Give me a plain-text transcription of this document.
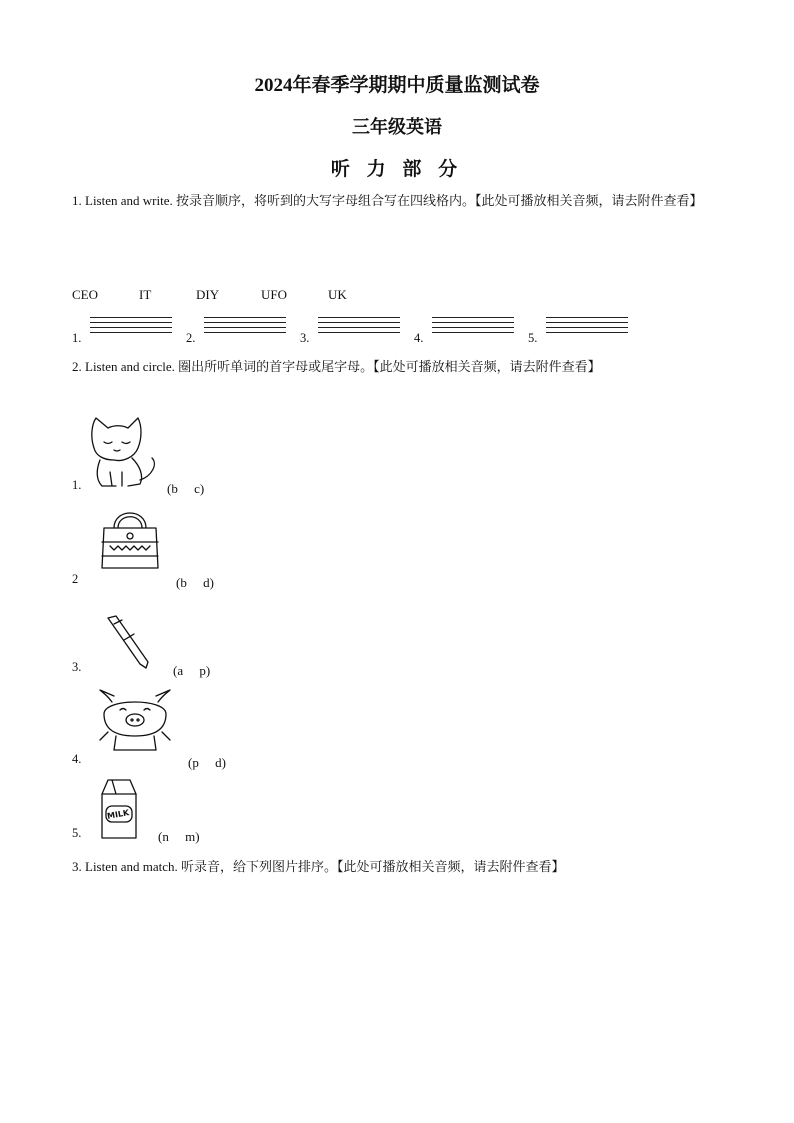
2024年春季学期期中质量监测试卷
三年级英语
听 力 部 分
1. Listen and write. 按录音顺序，将听到的大写字母组合写在四线格内。【此处可播放相关音频，请去附件查看】
CEO	IT	DIY	UFO	UK
1.	2.	3.	4.	5.
2. Listen and circle. 圈出所听单词的首字母或尾字母。【此处可播放相关音频，请去附件查看】
1.	(b　 c)
2	(b　 d)
3.	(a　 p)
4.	(p　 d)
5.
MILK
(n　 m)
3. Listen and match. 听录音，给下列图片排序。【此处可播放相关音频，请去附件查看】
